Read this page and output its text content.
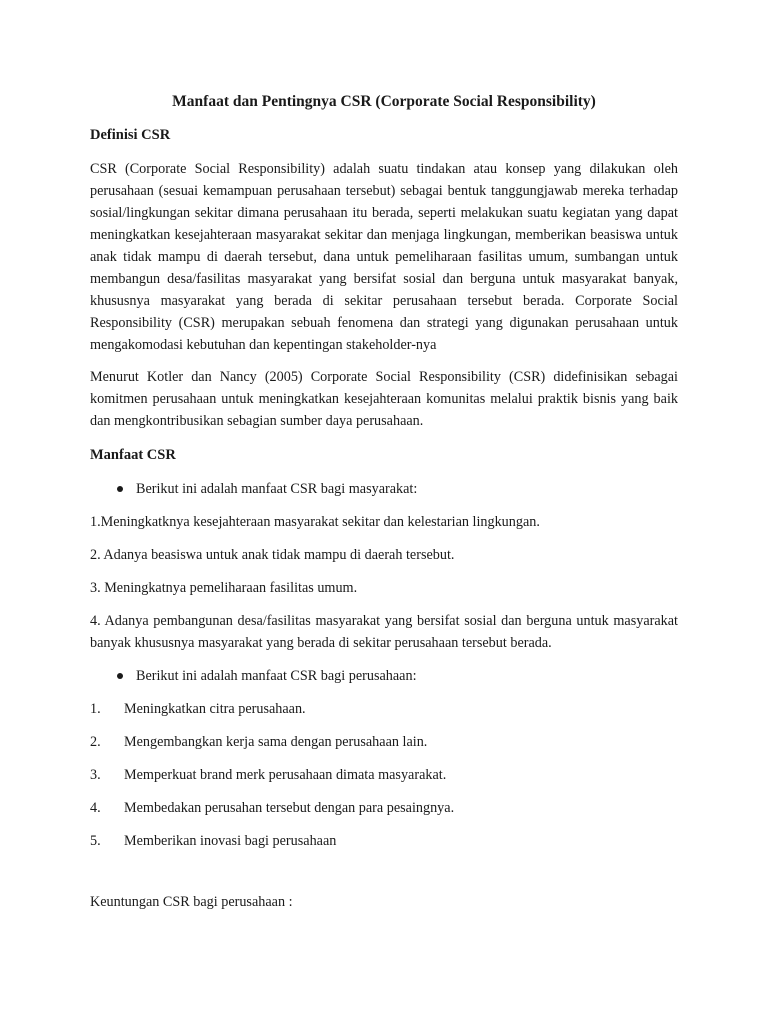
Manfaat dan Pentingnya CSR (Corporate Social Responsibility)
Definisi CSR

CSR (Corporate Social Responsibility) adalah suatu tindakan atau konsep yang dilakukan oleh perusahaan (sesuai kemampuan perusahaan tersebut) sebagai bentuk tanggungjawab mereka terhadap sosial/lingkungan sekitar dimana perusahaan itu berada, seperti melakukan suatu kegiatan yang dapat meningkatkan kesejahteraan masyarakat sekitar dan menjaga lingkungan, memberikan beasiswa untuk anak tidak mampu di daerah tersebut, dana untuk pemeliharaan fasilitas umum, sumbangan untuk membangun desa/fasilitas masyarakat yang bersifat sosial dan berguna untuk masyarakat banyak, khususnya masyarakat yang berada di sekitar perusahaan tersebut berada. Corporate Social Responsibility (CSR) merupakan sebuah fenomena dan strategi yang digunakan perusahaan untuk mengakomodasi kebutuhan dan kepentingan stakeholder-nya

Menurut Kotler dan Nancy (2005) Corporate Social Responsibility (CSR) didefinisikan sebagai komitmen perusahaan untuk meningkatkan kesejahteraan komunitas melalui praktik bisnis yang baik dan mengkontribusikan sebagian sumber daya perusahaan.

Manfaat CSR
Berikut ini adalah manfaat CSR bagi masyarakat:
1.Meningkatknya kesejahteraan masyarakat sekitar dan kelestarian lingkungan.
2. Adanya beasiswa untuk anak tidak mampu di daerah tersebut.
3. Meningkatnya pemeliharaan fasilitas umum.
4. Adanya pembangunan desa/fasilitas masyarakat yang bersifat sosial dan berguna untuk masyarakat banyak khususnya masyarakat yang berada di sekitar perusahaan tersebut berada.
Berikut ini adalah manfaat CSR bagi perusahaan:
1.	Meningkatkan citra perusahaan.
2.	Mengembangkan kerja sama dengan perusahaan lain.
3.	Memperkuat brand merk perusahaan dimata masyarakat.
4.	Membedakan perusahan tersebut dengan para pesaingnya.
5.	Memberikan inovasi bagi perusahaan
Keuntungan CSR bagi perusahaan :
